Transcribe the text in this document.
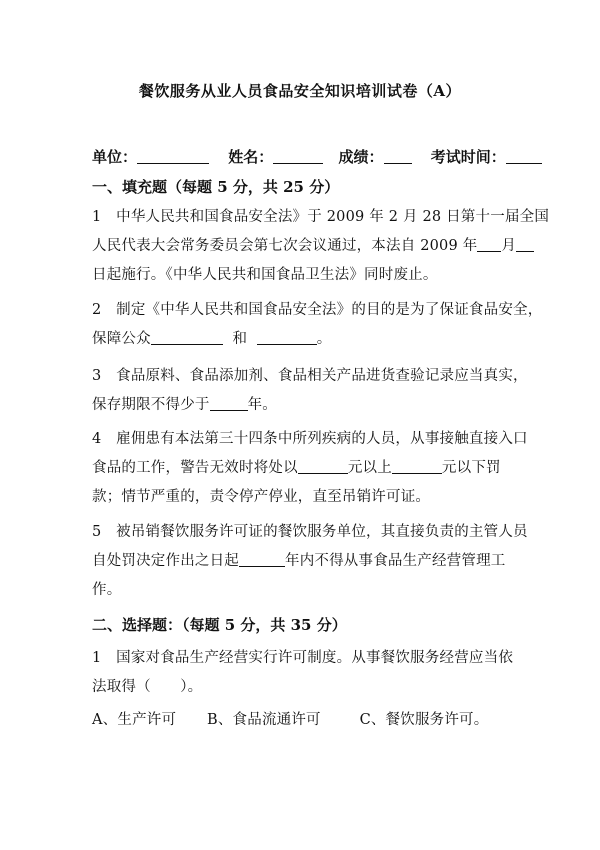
餐饮服务从业人员食品安全知识培训试卷（A）
单位：	姓名：	成绩：	考试时间：
一、填充题（每题 5 分，共 25 分）
1　中华人民共和国食品安全法》于 2009 年 2 月 28 日第十一届全国
人民代表大会常务委员会第七次会议通过，本法自 2009 年 月
日起施行。《中华人民共和国食品卫生法》同时废止。
2　制定《中华人民共和国食品安全法》的目的是为了保证食品安全，
保障公众	和	。
3　食品原料、食品添加剂、食品相关产品进货查验记录应当真实，
保存期限不得少于	年。
4　雇佣患有本法第三十四条中所列疾病的人员，从事接触直接入口
食品的工作，警告无效时将处以	元以上	元以下罚
款；情节严重的，责令停产停业，直至吊销许可证。
5　被吊销餐饮服务许可证的餐饮服务单位，其直接负责的主管人员
自处罚决定作出之日起	年内不得从事食品生产经营管理工
作。
二、选择题：（每题 5 分，共 35 分）
1　国家对食品生产经营实行许可制度。从事餐饮服务经营应当依
法取得（　　）。
A、生产许可 B、食品流通许可	C、餐饮服务许可。
